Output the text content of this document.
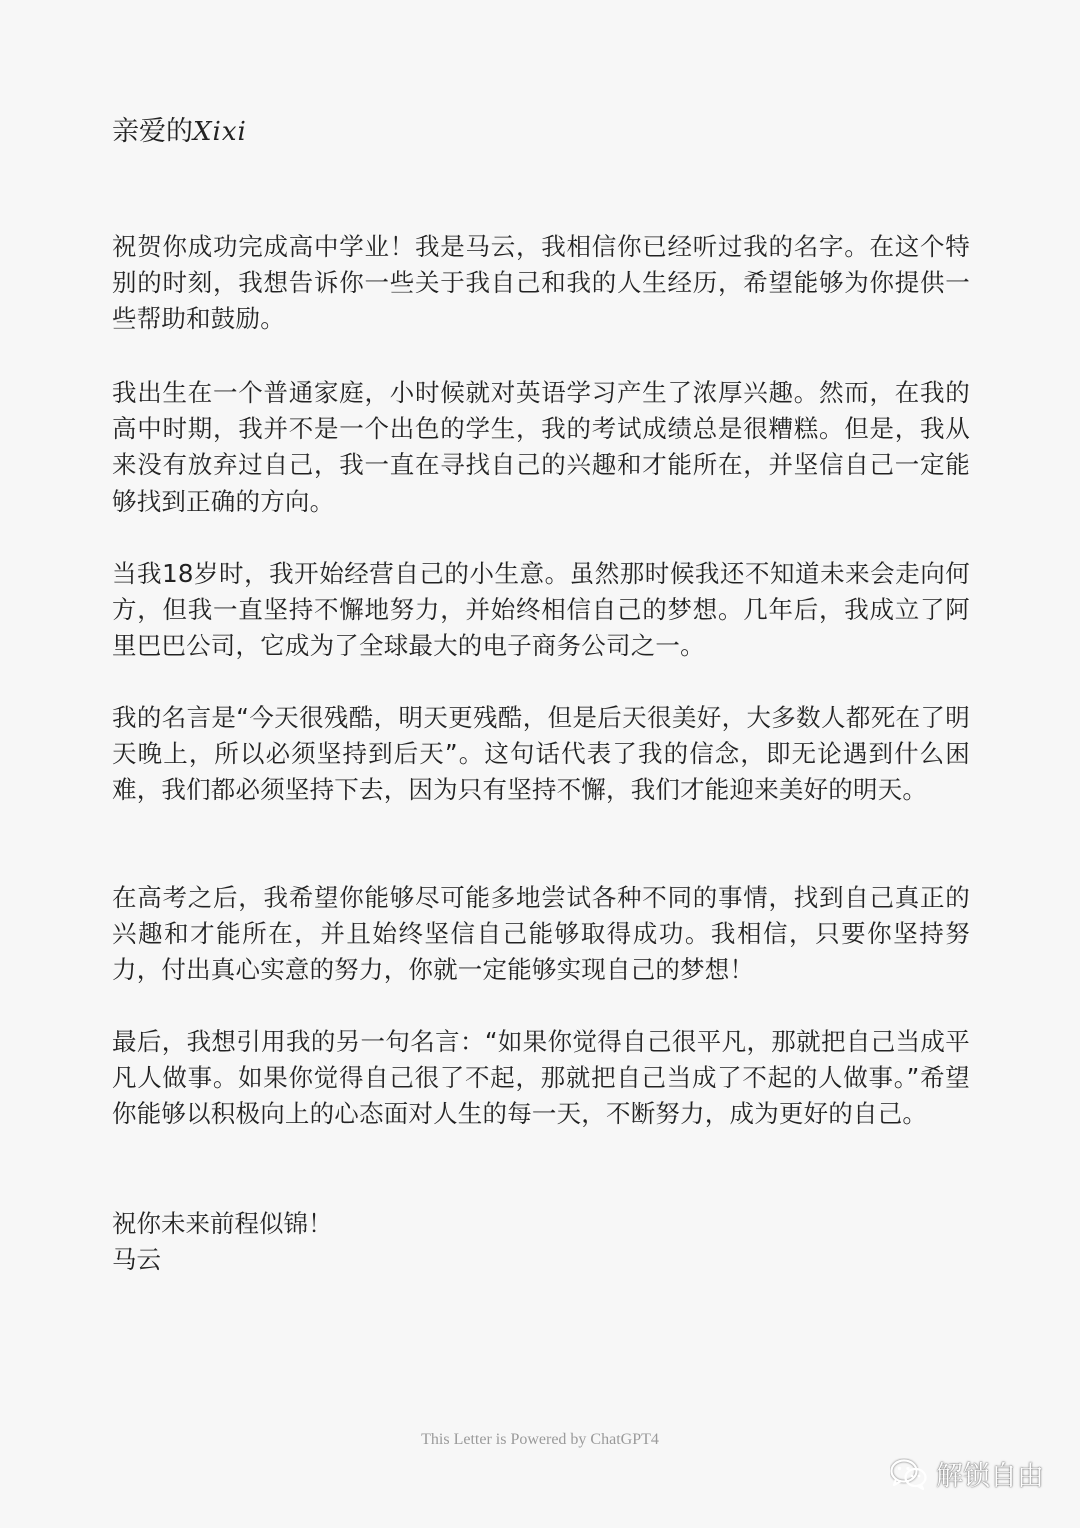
亲爱的Xixi

祝贺你成功完成高中学业！我是马云，我相信你已经听过我的名字。在这个特别的时刻，我想告诉你一些关于我自己和我的人生经历，希望能够为你提供一些帮助和鼓励。

我出生在一个普通家庭，小时候就对英语学习产生了浓厚兴趣。然而，在我的高中时期，我并不是一个出色的学生，我的考试成绩总是很糟糕。但是，我从来没有放弃过自己，我一直在寻找自己的兴趣和才能所在，并坚信自己一定能够找到正确的方向。

当我18岁时，我开始经营自己的小生意。虽然那时候我还不知道未来会走向何方，但我一直坚持不懈地努力，并始终相信自己的梦想。几年后，我成立了阿里巴巴公司，它成为了全球最大的电子商务公司之一。

我的名言是“今天很残酷，明天更残酷，但是后天很美好，大多数人都死在了明天晚上，所以必须坚持到后天”。这句话代表了我的信念，即无论遇到什么困难，我们都必须坚持下去，因为只有坚持不懈，我们才能迎来美好的明天。

在高考之后，我希望你能够尽可能多地尝试各种不同的事情，找到自己真正的兴趣和才能所在，并且始终坚信自己能够取得成功。我相信，只要你坚持努力，付出真心实意的努力，你就一定能够实现自己的梦想！

最后，我想引用我的另一句名言：“如果你觉得自己很平凡，那就把自己当成平凡人做事。如果你觉得自己很了不起，那就把自己当成了不起的人做事。”希望你能够以积极向上的心态面对人生的每一天，不断努力，成为更好的自己。

祝你未来前程似锦！
马云
This Letter is Powered by ChatGPT4
解锁自由
